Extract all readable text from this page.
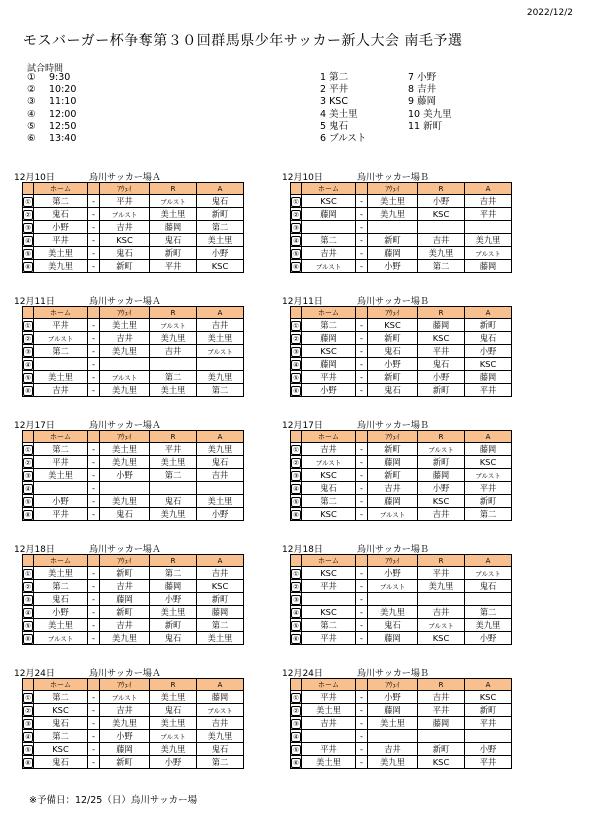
2022/12/2
モスバーガー杯争奪第３０回群馬県少年サッカー新人大会 南毛予選
試合時間
①	9:30
②	10:20
③	11:10
④	12:00
⑤	12:50
⑥	13:40
1 第二	7 小野
2 平井	8 吉井
3 KSC	9 藤岡
4 美土里	10 美九里
5 鬼石	11 新町
6 ブルスト
12月10日	烏川サッカー場Ａ
	ホーム		ｱｳｪｲ	R	A
①	第二	-	平井	ブルスト	鬼石
②	鬼石	-	ブルスト	美土里	新町
③	小野	-	吉井	藤岡	第二
④	平井	-	KSC	鬼石	美土里
⑤	美土里	-	鬼石	新町	小野
⑥	美九里	-	新町	平井	KSC
12月10日	烏川サッカー場Ｂ
	ホーム		ｱｳｪｲ	R	A
①	KSC	-	美土里	小野	吉井
②	藤岡	-	美九里	KSC	平井
③		-			
④	第二	-	新町	吉井	美九里
⑤	吉井	-	藤岡	美九里	ブルスト
⑥	ブルスト	-	小野	第二	藤岡
12月11日	烏川サッカー場Ａ
	ホーム		ｱｳｪｲ	R	A
①	平井	-	美土里	ブルスト	吉井
②	ブルスト	-	吉井	美九里	美土里
③	第二	-	美九里	吉井	ブルスト
④		-			
⑤	美土里	-	ブルスト	第二	美九里
⑥	吉井	-	美九里	美土里	第二
12月11日	烏川サッカー場Ｂ
	ホーム		ｱｳｪｲ	R	A
①	第二	-	KSC	藤岡	新町
②	藤岡	-	新町	KSC	鬼石
③	KSC	-	鬼石	平井	小野
④	藤岡	-	小野	鬼石	KSC
⑤	平井	-	新町	小野	藤岡
⑥	小野	-	鬼石	新町	平井
12月17日	烏川サッカー場Ａ
	ホーム		ｱｳｪｲ	R	A
①	第二	-	美土里	平井	美九里
②	平井	-	美九里	美土里	鬼石
③	美土里	-	小野	第二	吉井
④		-			
⑤	小野	-	美九里	鬼石	美土里
⑥	平井	-	鬼石	美九里	小野
12月17日	烏川サッカー場Ｂ
	ホーム		ｱｳｪｲ	R	A
①	吉井	-	新町	ブルスト	藤岡
②	ブルスト	-	藤岡	新町	KSC
③	KSC	-	新町	藤岡	ブルスト
④	鬼石	-	吉井	小野	平井
⑤	第二	-	藤岡	KSC	新町
⑥	KSC	-	ブルスト	吉井	第二
12月18日	烏川サッカー場Ａ
	ホーム		ｱｳｪｲ	R	A
①	美土里	-	新町	第二	吉井
②	第二	-	吉井	藤岡	KSC
③	鬼石	-	藤岡	小野	新町
④	小野	-	新町	美土里	藤岡
⑤	美土里	-	吉井	新町	第二
⑥	ブルスト	-	美九里	鬼石	美土里
12月18日	烏川サッカー場Ｂ
	ホーム		ｱｳｪｲ	R	A
①	KSC	-	小野	平井	ブルスト
②	平井	-	ブルスト	美九里	鬼石
③		-			
④	KSC	-	美九里	吉井	第二
⑤	第二	-	鬼石	ブルスト	美九里
⑥	平井	-	藤岡	KSC	小野
12月24日	烏川サッカー場Ａ
	ホーム		ｱｳｪｲ	R	A
①	第二	-	ブルスト	美土里	藤岡
②	KSC	-	吉井	鬼石	ブルスト
③	鬼石	-	美九里	美土里	吉井
④	第二	-	小野	ブルスト	美九里
⑤	KSC	-	藤岡	美九里	鬼石
⑥	鬼石	-	新町	小野	第二
12月24日	烏川サッカー場Ｂ
	ホーム		ｱｳｪｲ	R	A
①	平井	-	小野	吉井	KSC
②	美土里	-	藤岡	平井	新町
③	吉井	-	美土里	藤岡	平井
④		-			
⑤	平井	-	吉井	新町	小野
⑥	美土里	-	美九里	KSC	平井
※予備日：12/25（日）烏川サッカー場
